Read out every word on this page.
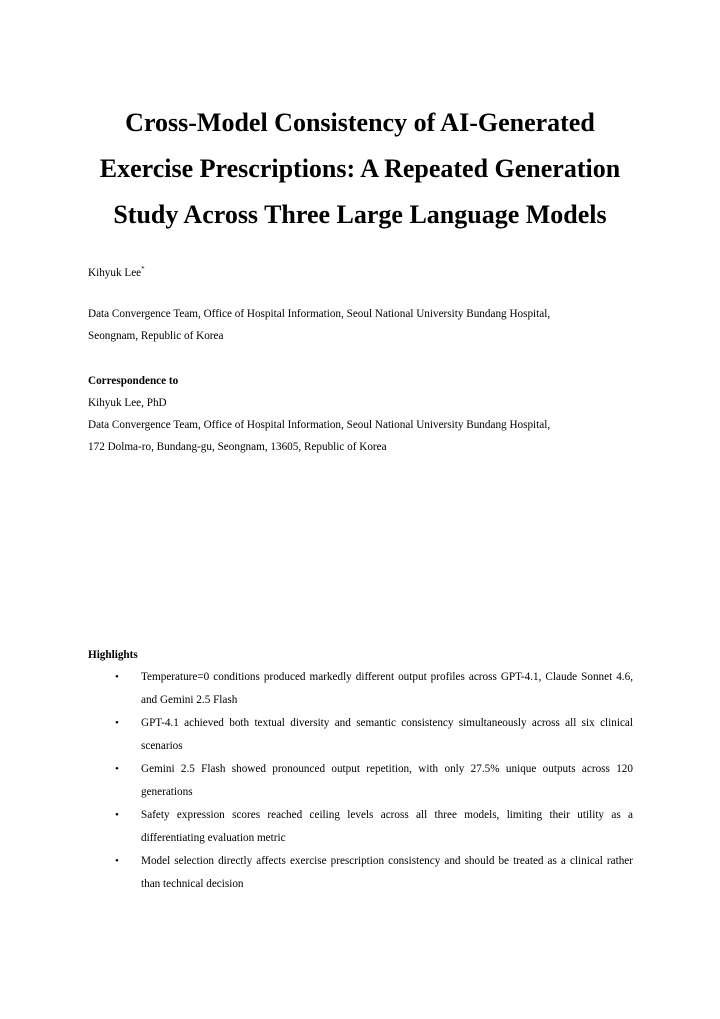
Cross-Model Consistency of AI-Generated
Exercise Prescriptions: A Repeated Generation
Study Across Three Large Language Models
Kihyuk Lee*
Data Convergence Team, Office of Hospital Information, Seoul National University Bundang Hospital,
Seongnam, Republic of Korea
Correspondence to
Kihyuk Lee, PhD
Data Convergence Team, Office of Hospital Information, Seoul National University Bundang Hospital,
172 Dolma-ro, Bundang-gu, Seongnam, 13605, Republic of Korea
Highlights
• Temperature=0 conditions produced markedly different output profiles across GPT-4.1, Claude Sonnet 4.6, and Gemini 2.5 Flash
• GPT-4.1 achieved both textual diversity and semantic consistency simultaneously across all six clinical scenarios
• Gemini 2.5 Flash showed pronounced output repetition, with only 27.5% unique outputs across 120 generations
• Safety expression scores reached ceiling levels across all three models, limiting their utility as a differentiating evaluation metric
• Model selection directly affects exercise prescription consistency and should be treated as a clinical rather than technical decision
